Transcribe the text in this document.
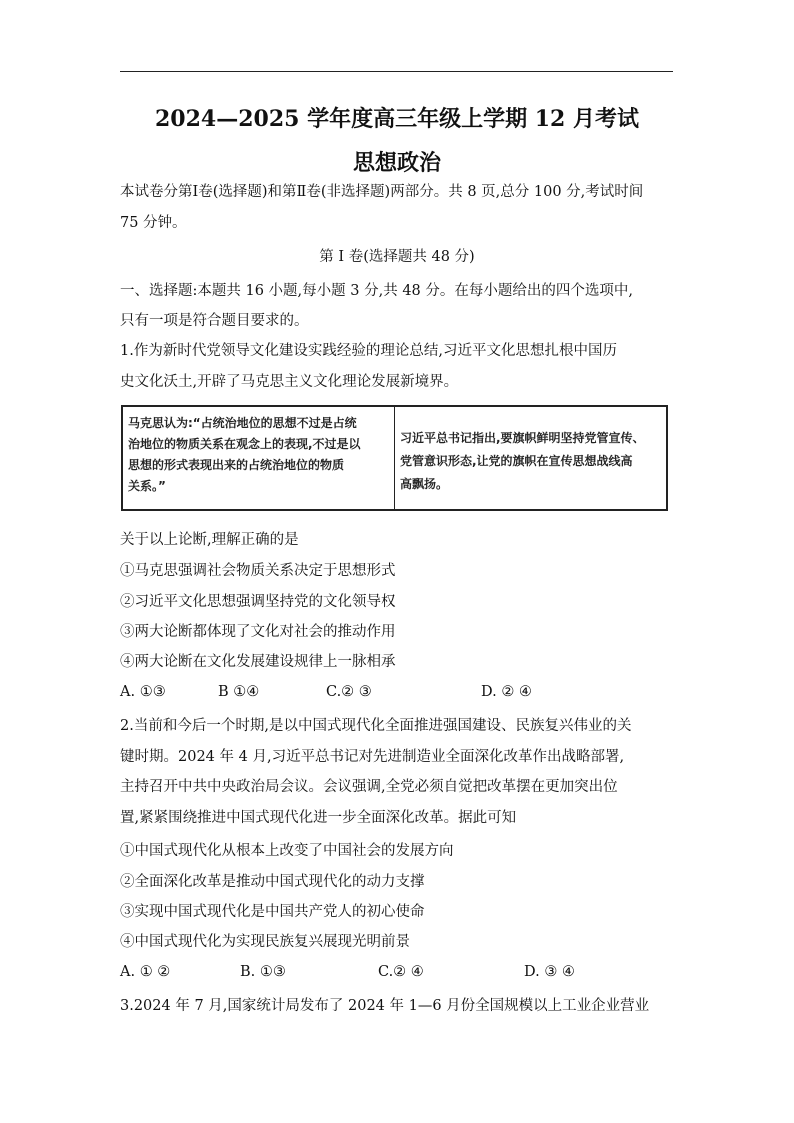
2024—2025 学年度高三年级上学期 12 月考试
思想政治
本试卷分第Ⅰ卷(选择题)和第Ⅱ卷(非选择题)两部分。共 8 页,总分 100 分,考试时间
75 分钟。
第 I 卷(选择题共 48 分)
一、选择题:本题共 16 小题,每小题 3 分,共 48 分。在每小题给出的四个选项中,
只有一项是符合题目要求的。
1.作为新时代党领导文化建设实践经验的理论总结,习近平文化思想扎根中国历
史文化沃土,开辟了马克思主义文化理论发展新境界。
马克思认为:“占统治地位的思想不过是占统
治地位的物质关系在观念上的表现,不过是以
思想的形式表现出来的占统治地位的物质
关系。”
习近平总书记指出,要旗帜鲜明坚持党管宣传、
党管意识形态,让党的旗帜在宣传思想战线高
高飘扬。
关于以上论断,理解正确的是
①马克思强调社会物质关系决定于思想形式
②习近平文化思想强调坚持党的文化领导权
③两大论断都体现了文化对社会的推动作用
④两大论断在文化发展建设规律上一脉相承
A. ①③	B ①④	C.② ③	D. ② ④
2.当前和今后一个时期,是以中国式现代化全面推进强国建设、民族复兴伟业的关
键时期。2024 年 4 月,习近平总书记对先进制造业全面深化改革作出战略部署,
主持召开中共中央政治局会议。会议强调,全党必须自觉把改革摆在更加突出位
置,紧紧围绕推进中国式现代化进一步全面深化改革。据此可知
①中国式现代化从根本上改变了中国社会的发展方向
②全面深化改革是推动中国式现代化的动力支撑
③实现中国式现代化是中国共产党人的初心使命
④中国式现代化为实现民族复兴展现光明前景
A. ① ②	B. ①③	C.② ④	D. ③ ④
3.2024 年 7 月,国家统计局发布了 2024 年 1—6 月份全国规模以上工业企业营业
